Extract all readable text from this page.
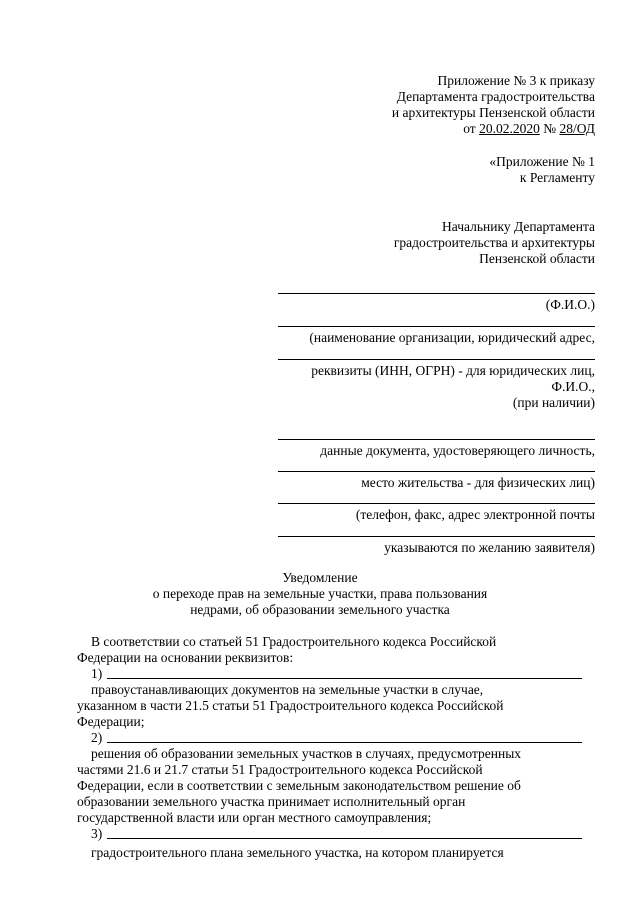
Приложение № 3 к приказу
Департамента градостроительства
и архитектуры Пензенской области
от 20.02.2020 № 28/ОД
«Приложение № 1
к Регламенту
Начальнику Департамента
градостроительства и архитектуры
Пензенской области
(Ф.И.О.)
(наименование организации, юридический адрес,
реквизиты (ИНН, ОГРН) - для юридических лиц,
Ф.И.О.,
(при наличии)
данные документа, удостоверяющего личность,
место жительства - для физических лиц)
(телефон, факс, адрес электронной почты
указываются по желанию заявителя)
Уведомление
о переходе прав на земельные участки, права пользования
недрами, об образовании земельного участка
В соответствии со статьей 51 Градостроительного кодекса Российской
Федерации на основании реквизитов:
1)
правоустанавливающих документов на земельные участки в случае,
указанном в части 21.5 статьи 51 Градостроительного кодекса Российской
Федерации;
2)
решения об образовании земельных участков в случаях, предусмотренных
частями 21.6 и 21.7 статьи 51 Градостроительного кодекса Российской
Федерации, если в соответствии с земельным законодательством решение об
образовании земельного участка принимает исполнительный орган
государственной власти или орган местного самоуправления;
3)
градостроительного плана земельного участка, на котором планируется
